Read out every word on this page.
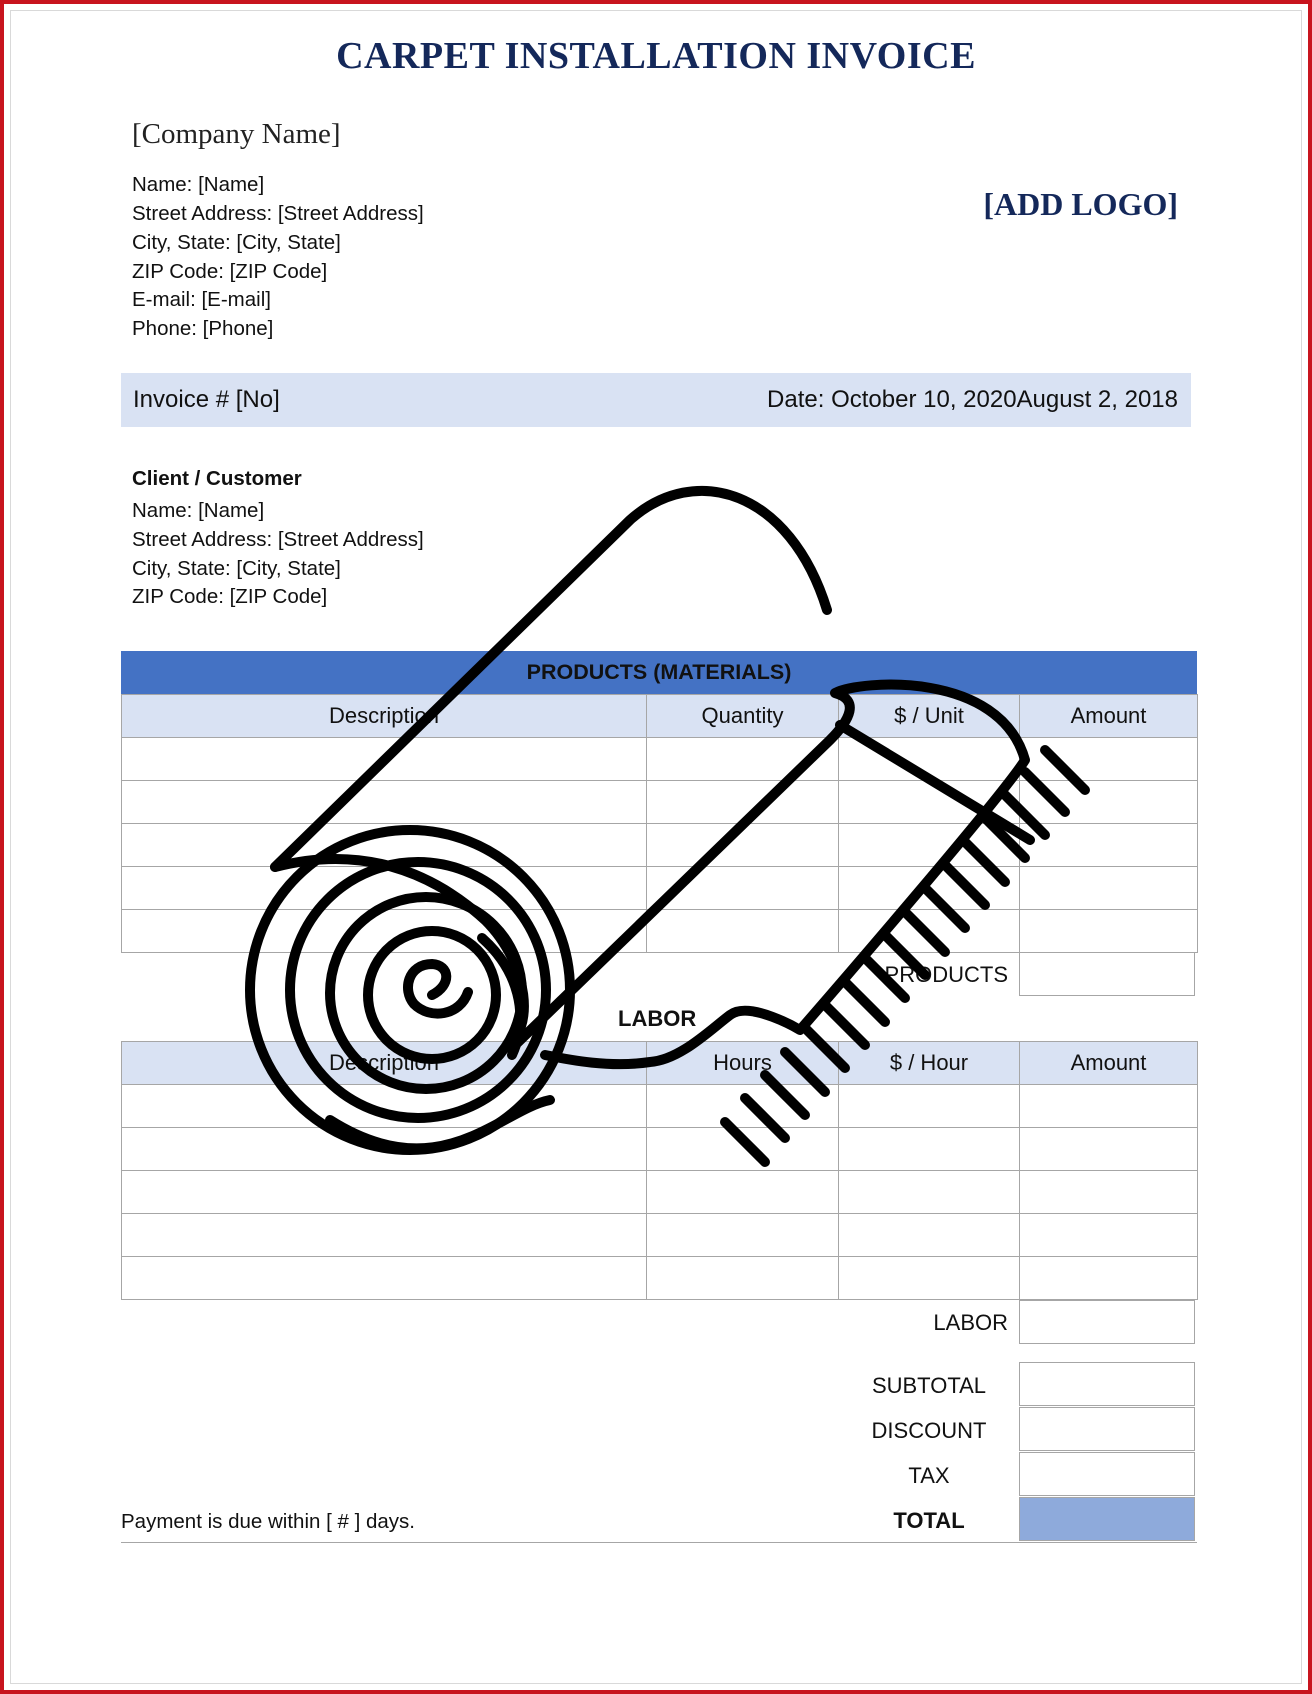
CARPET INSTALLATION INVOICE
[Company Name]
Name: [Name]
Street Address: [Street Address]
City, State: [City, State]
ZIP Code: [ZIP Code]
E-mail: [E-mail]
Phone: [Phone]
[ADD LOGO]
Invoice # [No]	Date: October 10, 2020August 2, 2018
Client / Customer
Name: [Name]
Street Address: [Street Address]
City, State: [City, State]
ZIP Code: [ZIP Code]
PRODUCTS (MATERIALS)
Description	Quantity	$ / Unit	Amount

PRODUCTS
LABOR
Description	Hours	$ / Hour	Amount

LABOR
SUBTOTAL
DISCOUNT
TAX
TOTAL
Payment is due within [ # ] days.
